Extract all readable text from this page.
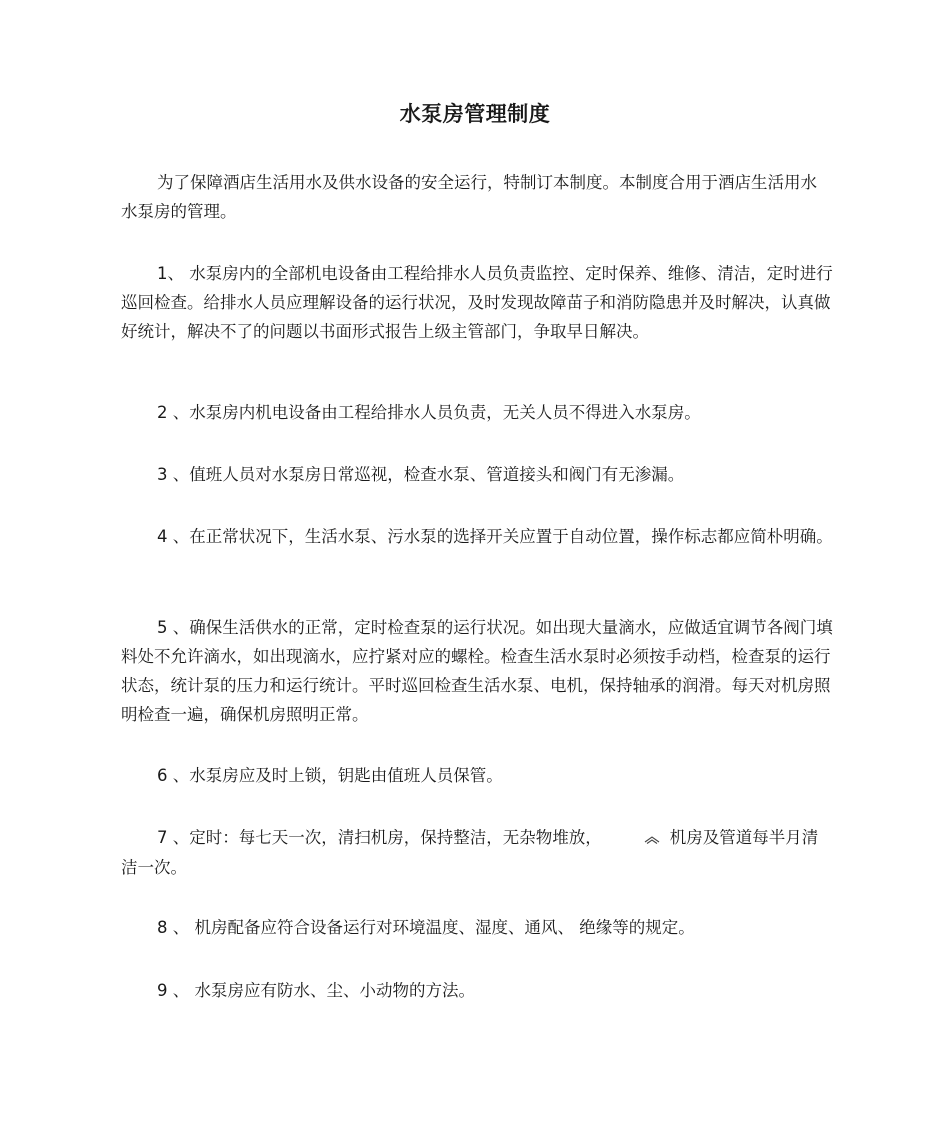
水泵房管理制度

为了保障酒店生活用水及供水设备的安全运行，特制订本制度。本制度合用于酒店生活用水水泵房的管理。

1、 水泵房内的全部机电设备由工程给排水人员负责监控、定时保养、维修、清洁，定时进行巡回检查。给排水人员应理解设备的运行状况，及时发现故障苗子和消防隐患并及时解决，认真做好统计，解决不了的问题以书面形式报告上级主管部门，争取早日解决。

2 、水泵房内机电设备由工程给排水人员负责，无关人员不得进入水泵房。

3 、值班人员对水泵房日常巡视，检查水泵、管道接头和阀门有无渗漏。

4 、在正常状况下，生活水泵、污水泵的选择开关应置于自动位置，操作标志都应简朴明确。

5 、确保生活供水的正常，定时检查泵的运行状况。如出现大量滴水，应做适宜调节各阀门填料处不允许滴水，如出现滴水，应拧紧对应的螺栓。检查生活水泵时必须按手动档，检查泵的运行状态，统计泵的压力和运行统计。平时巡回检查生活水泵、电机，保持轴承的润滑。每天对机房照明检查一遍，确保机房照明正常。

6 、水泵房应及时上锁，钥匙由值班人员保管。

7 、定时：每七天一次，清扫机房，保持整洁，无杂物堆放，	机房及管道每半月清洁一次。

8 、 机房配备应符合设备运行对环境温度、湿度、通风、 绝缘等的规定。

9 、 水泵房应有防水、尘、小动物的方法。
